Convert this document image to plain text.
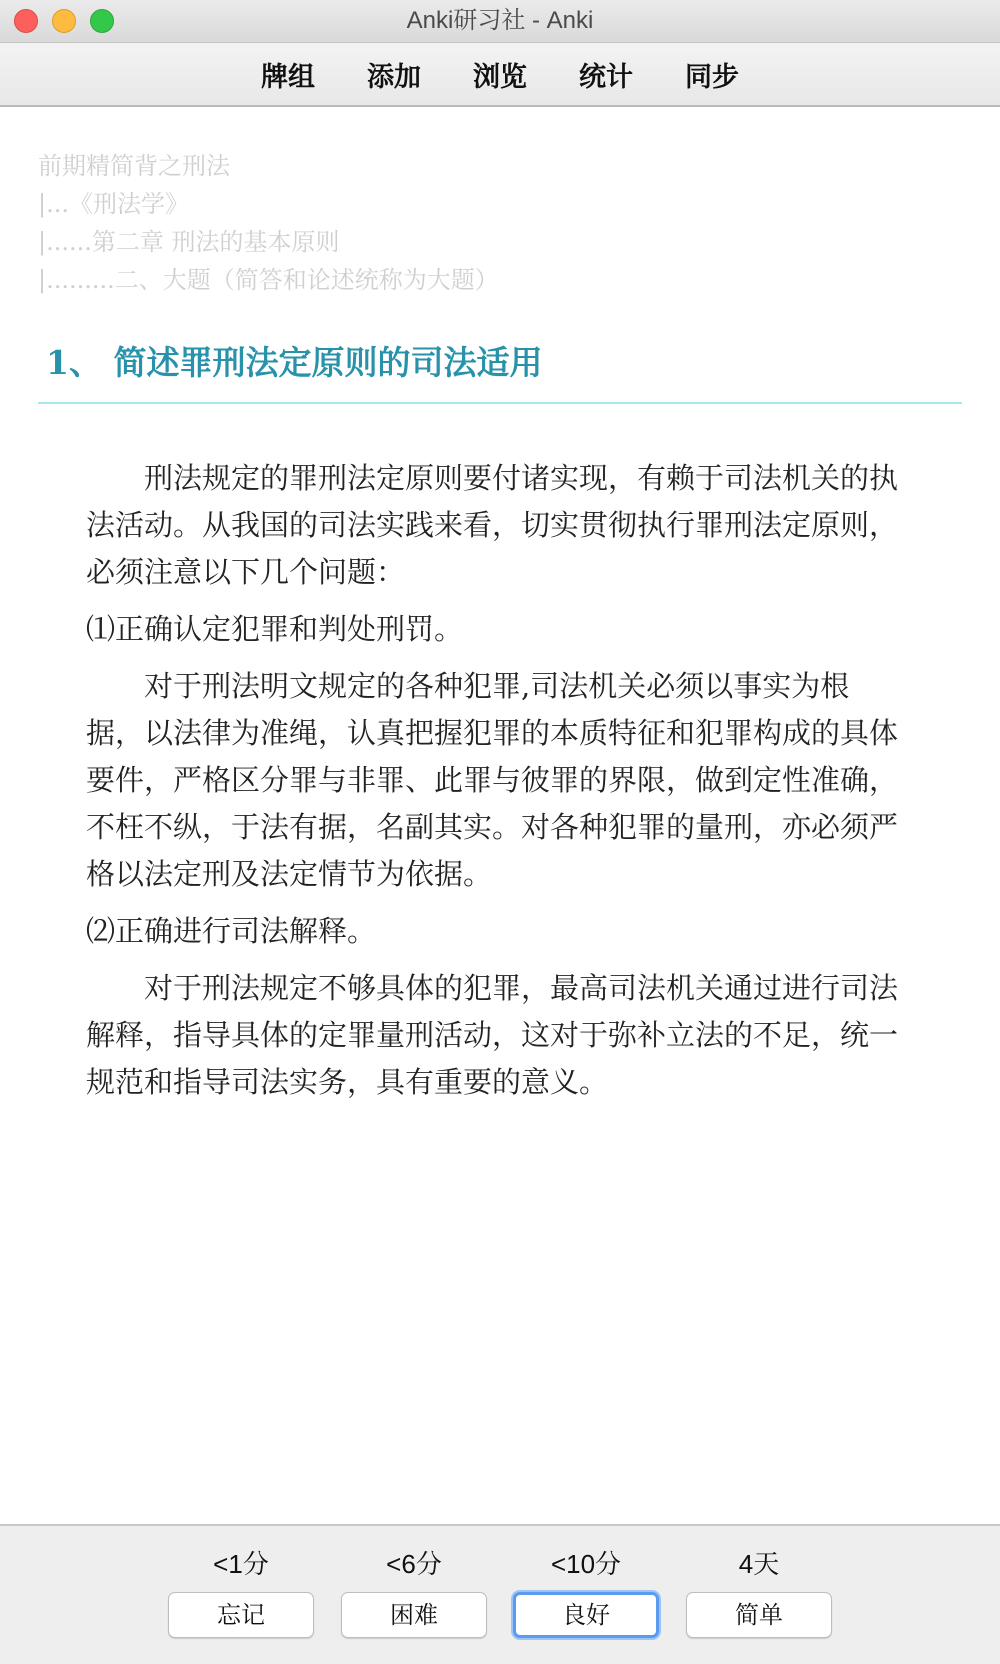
Anki研习社 - Anki
牌组	添加	浏览	统计	同步
前期精简背之刑法
|...《刑法学》
|......第二章 刑法的基本原则
|.........二、大题（简答和论述统称为大题）
1、 简述罪刑法定原则的司法适用

刑法规定的罪刑法定原则要付诸实现，有赖于司法机关的执法活动。从我国的司法实践来看，切实贯彻执行罪刑法定原则，必须注意以下几个问题：

⑴正确认定犯罪和判处刑罚。

对于刑法明文规定的各种犯罪,司法机关必须以事实为根据，以法律为准绳，认真把握犯罪的本质特征和犯罪构成的具体要件，严格区分罪与非罪、此罪与彼罪的界限，做到定性准确，不枉不纵，于法有据，名副其实。对各种犯罪的量刑，亦必须严格以法定刑及法定情节为依据。

⑵正确进行司法解释。

对于刑法规定不够具体的犯罪，最高司法机关通过进行司法解释，指导具体的定罪量刑活动，这对于弥补立法的不足，统一规范和指导司法实务，具有重要的意义。

<1分
忘记
<6分
困难
<10分
良好
4天
简单
